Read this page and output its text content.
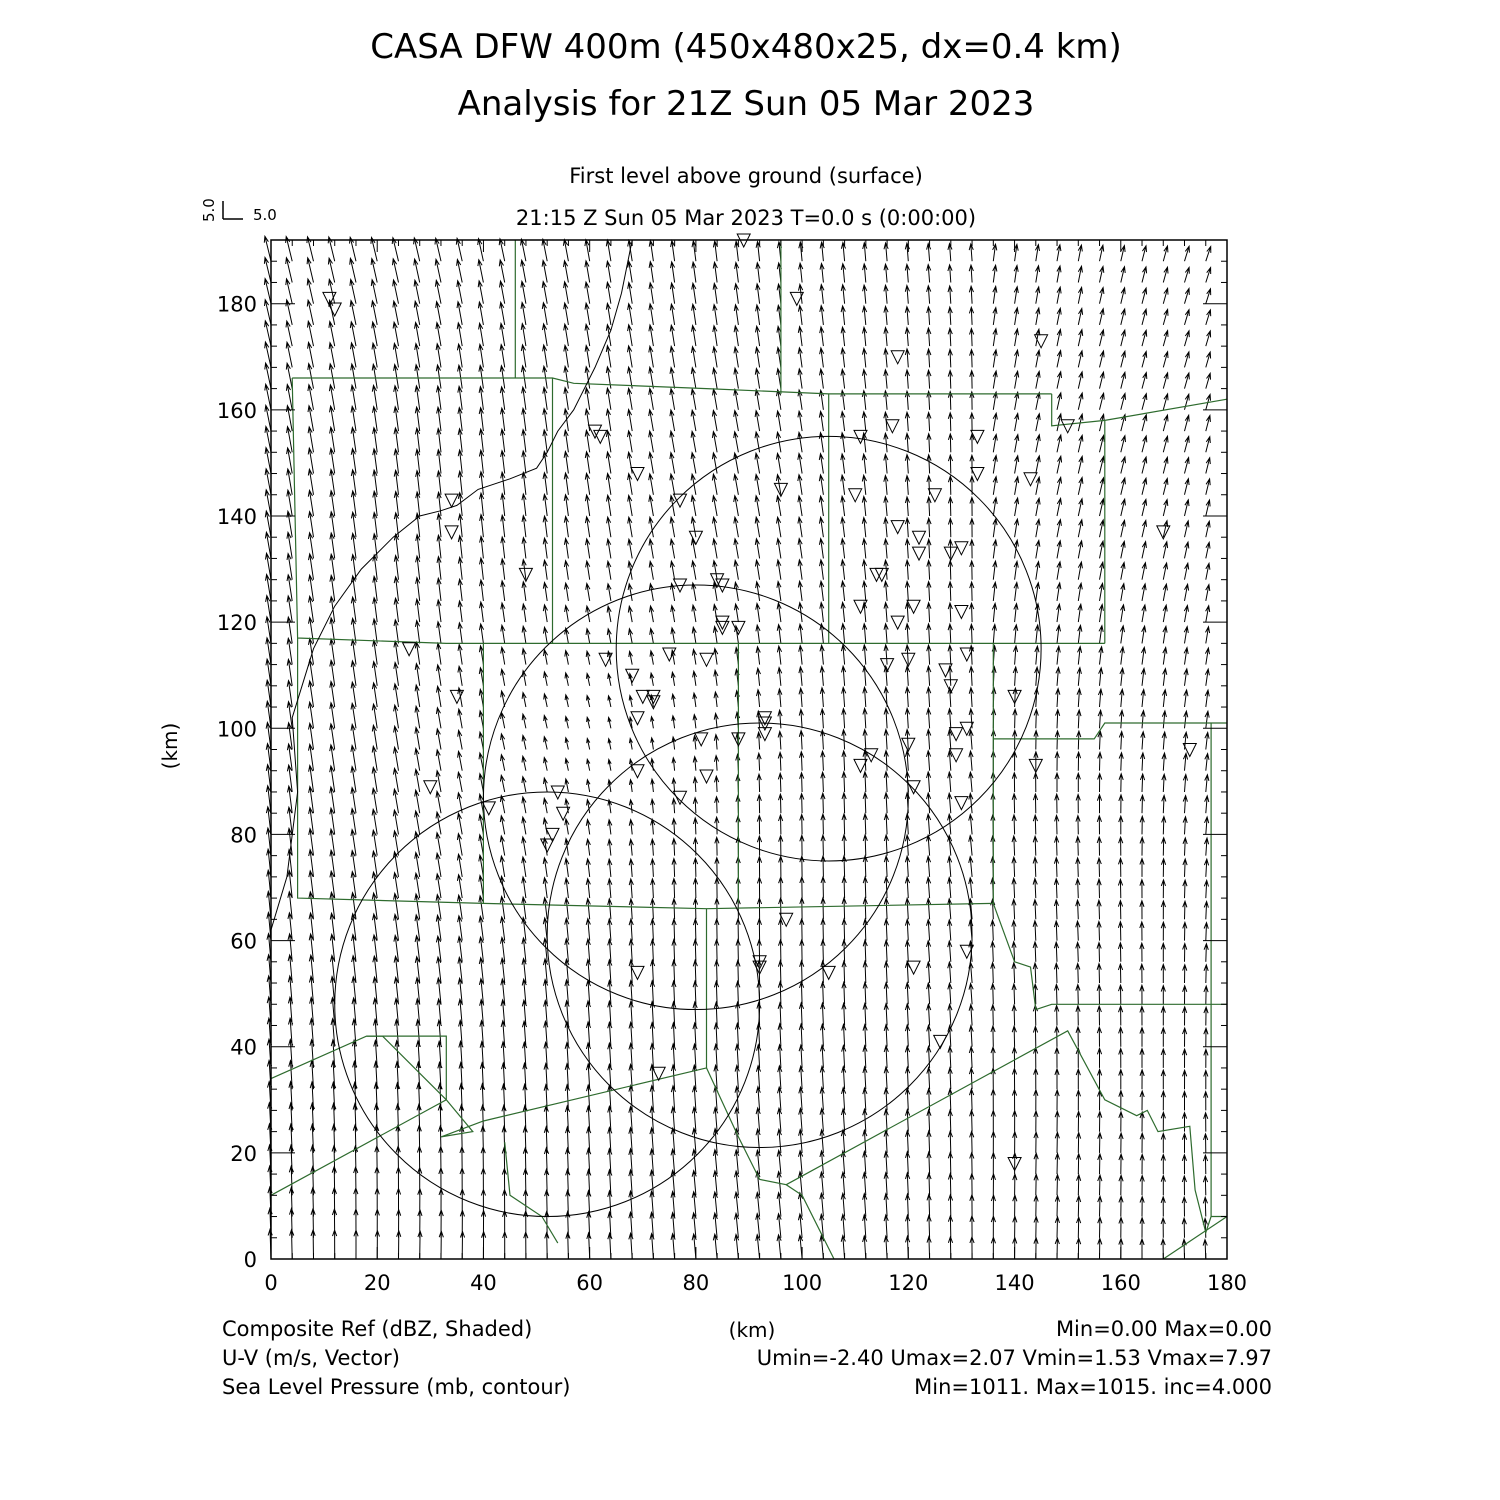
CASA DFW 400m (450x480x25, dx=0.4 km)
Analysis for 21Z Sun 05 Mar 2023
First level above ground (surface)
21:15 Z Sun 05 Mar 2023 T=0.0 s (0:00:00)
5.0 5.0
0	20	40	60	80	100	120	140	160	180
0
20
40
60
80
100
120
140
160
180
(km)
(km)
Composite Ref (dBZ, Shaded)	Min=0.00 Max=0.00
U-V (m/s, Vector)	Umin=-2.40 Umax=2.07 Vmin=1.53 Vmax=7.97
Sea Level Pressure (mb, contour)	Min=1011. Max=1015. inc=4.000
